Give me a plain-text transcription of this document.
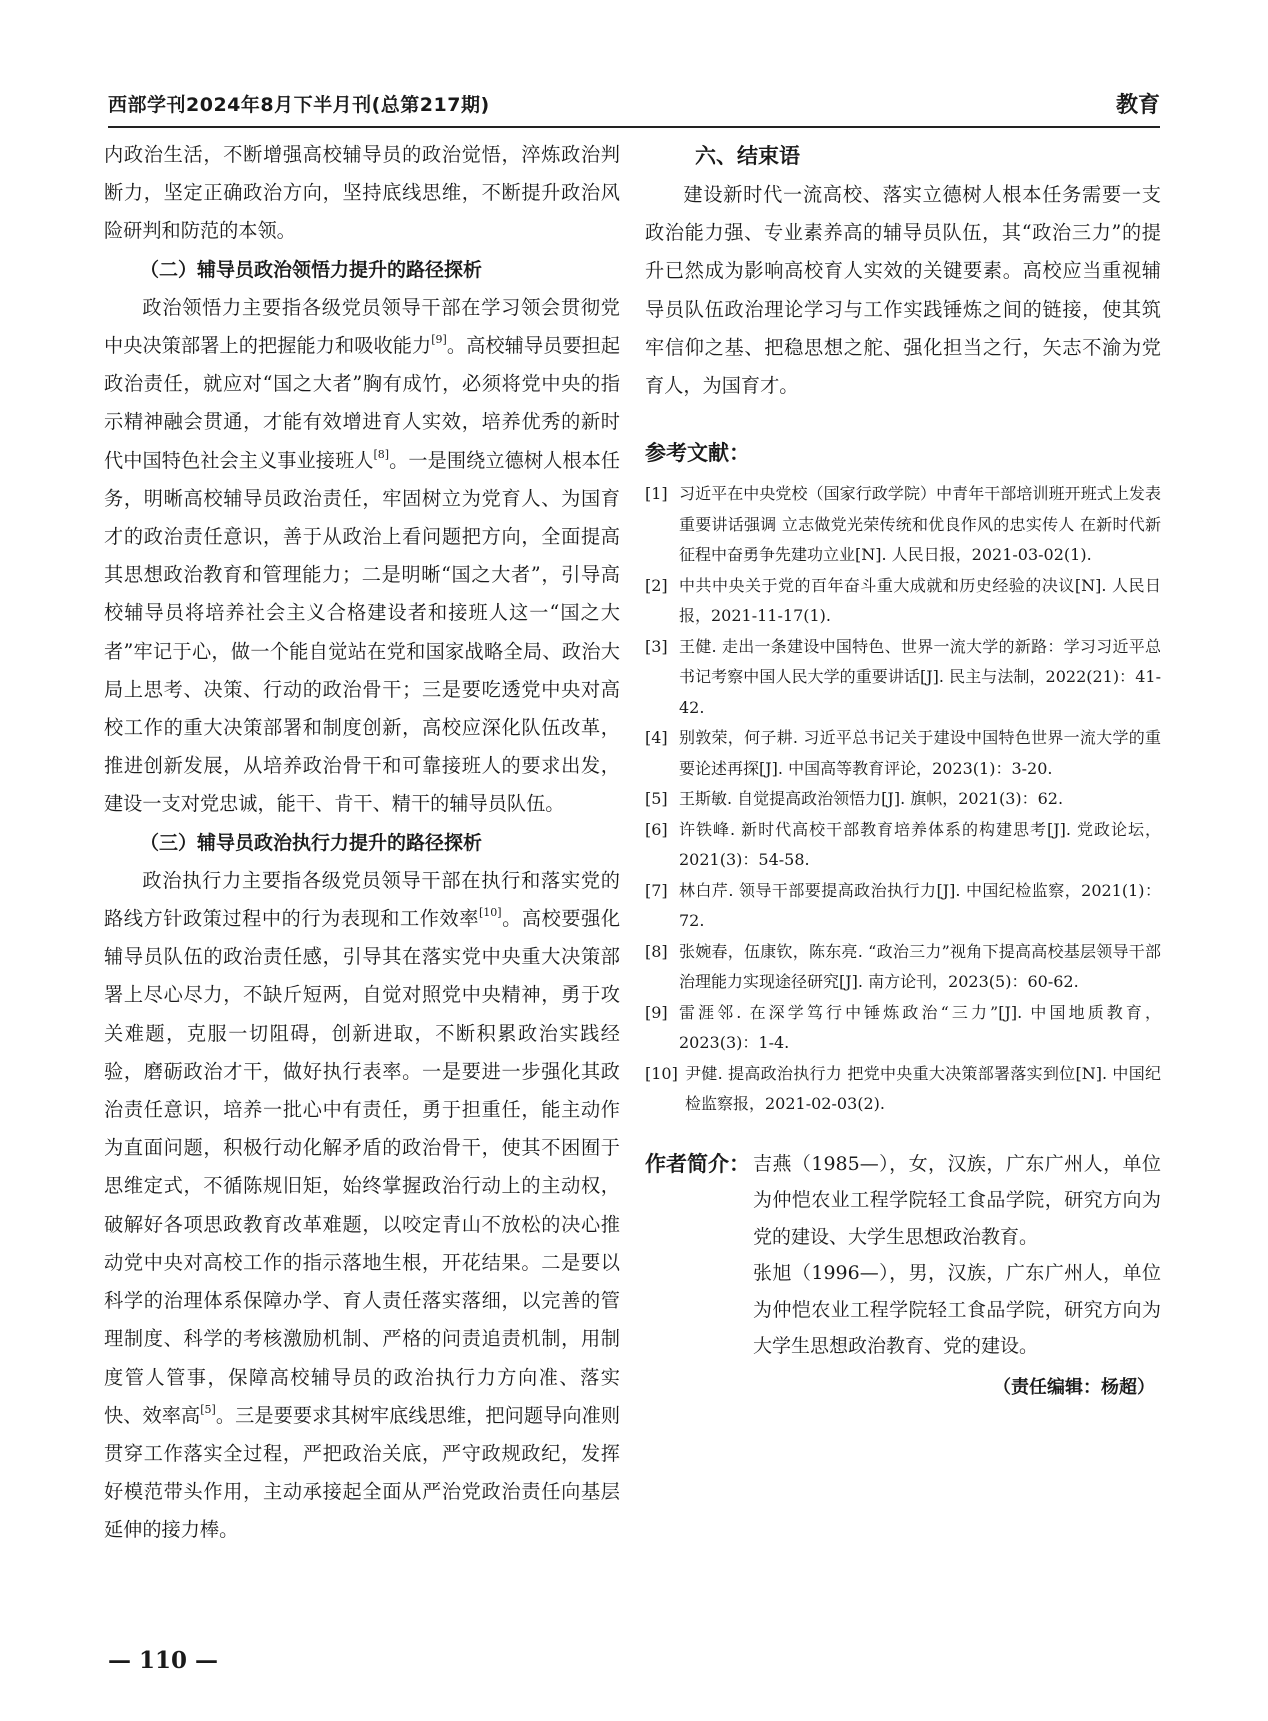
西部学刊2024年8月下半月刊(总第217期)	教育

内政治生活，不断增强高校辅导员的政治觉悟，淬炼政治判断力，坚定正确政治方向，坚持底线思维，不断提升政治风险研判和防范的本领。

（二）辅导员政治领悟力提升的路径探析

政治领悟力主要指各级党员领导干部在学习领会贯彻党中央决策部署上的把握能力和吸收能力[9]。高校辅导员要担起政治责任，就应对“国之大者”胸有成竹，必须将党中央的指示精神融会贯通，才能有效增进育人实效，培养优秀的新时代中国特色社会主义事业接班人[8]。一是围绕立德树人根本任务，明晰高校辅导员政治责任，牢固树立为党育人、为国育才的政治责任意识，善于从政治上看问题把方向，全面提高其思想政治教育和管理能力；二是明晰“国之大者”，引导高校辅导员将培养社会主义合格建设者和接班人这一“国之大者”牢记于心，做一个能自觉站在党和国家战略全局、政治大局上思考、决策、行动的政治骨干；三是要吃透党中央对高校工作的重大决策部署和制度创新，高校应深化队伍改革，推进创新发展，从培养政治骨干和可靠接班人的要求出发，建设一支对党忠诚，能干、肯干、精干的辅导员队伍。

（三）辅导员政治执行力提升的路径探析

政治执行力主要指各级党员领导干部在执行和落实党的路线方针政策过程中的行为表现和工作效率[10]。高校要强化辅导员队伍的政治责任感，引导其在落实党中央重大决策部署上尽心尽力，不缺斤短两，自觉对照党中央精神，勇于攻关难题，克服一切阻碍，创新进取，不断积累政治实践经验，磨砺政治才干，做好执行表率。一是要进一步强化其政治责任意识，培养一批心中有责任，勇于担重任，能主动作为直面问题，积极行动化解矛盾的政治骨干，使其不困囿于思维定式，不循陈规旧矩，始终掌握政治行动上的主动权，破解好各项思政教育改革难题，以咬定青山不放松的决心推动党中央对高校工作的指示落地生根，开花结果。二是要以科学的治理体系保障办学、育人责任落实落细，以完善的管理制度、科学的考核激励机制、严格的问责追责机制，用制度管人管事，保障高校辅导员的政治执行力方向准、落实快、效率高[5]。三是要要求其树牢底线思维，把问题导向准则贯穿工作落实全过程，严把政治关底，严守政规政纪，发挥好模范带头作用，主动承接起全面从严治党政治责任向基层延伸的接力棒。

六、结束语

建设新时代一流高校、落实立德树人根本任务需要一支政治能力强、专业素养高的辅导员队伍，其“政治三力”的提升已然成为影响高校育人实效的关键要素。高校应当重视辅导员队伍政治理论学习与工作实践锤炼之间的链接，使其筑牢信仰之基、把稳思想之舵、强化担当之行，矢志不渝为党育人，为国育才。

参考文献：

[1] 习近平在中央党校（国家行政学院）中青年干部培训班开班式上发表重要讲话强调 立志做党光荣传统和优良作风的忠实传人 在新时代新征程中奋勇争先建功立业[N]. 人民日报，2021-03-02(1).

[2] 中共中央关于党的百年奋斗重大成就和历史经验的决议[N]. 人民日报，2021-11-17(1).

[3] 王健. 走出一条建设中国特色、世界一流大学的新路：学习习近平总书记考察中国人民大学的重要讲话[J]. 民主与法制，2022(21)：41-42.

[4] 别敦荣，何子耕. 习近平总书记关于建设中国特色世界一流大学的重要论述再探[J]. 中国高等教育评论，2023(1)：3-20.

[5] 王斯敏. 自觉提高政治领悟力[J]. 旗帜，2021(3)：62.

[6] 许铁峰. 新时代高校干部教育培养体系的构建思考[J]. 党政论坛，2021(3)：54-58.

[7] 林白芹. 领导干部要提高政治执行力[J]. 中国纪检监察，2021(1)：72.

[8] 张婉春，伍康钦，陈东亮. “政治三力”视角下提高高校基层领导干部治理能力实现途径研究[J]. 南方论刊，2023(5)：60-62.

[9] 雷涯邻. 在深学笃行中锤炼政治“三力”[J]. 中国地质教育，2023(3)：1-4.

[10] 尹健. 提高政治执行力 把党中央重大决策部署落实到位[N]. 中国纪检监察报，2021-02-03(2).

作者简介： 吉燕（1985—），女，汉族，广东广州人，单位为仲恺农业工程学院轻工食品学院，研究方向为党的建设、大学生思想政治教育。

张旭（1996—），男，汉族，广东广州人，单位为仲恺农业工程学院轻工食品学院，研究方向为大学生思想政治教育、党的建设。

（责任编辑：杨超）
— 110 —
